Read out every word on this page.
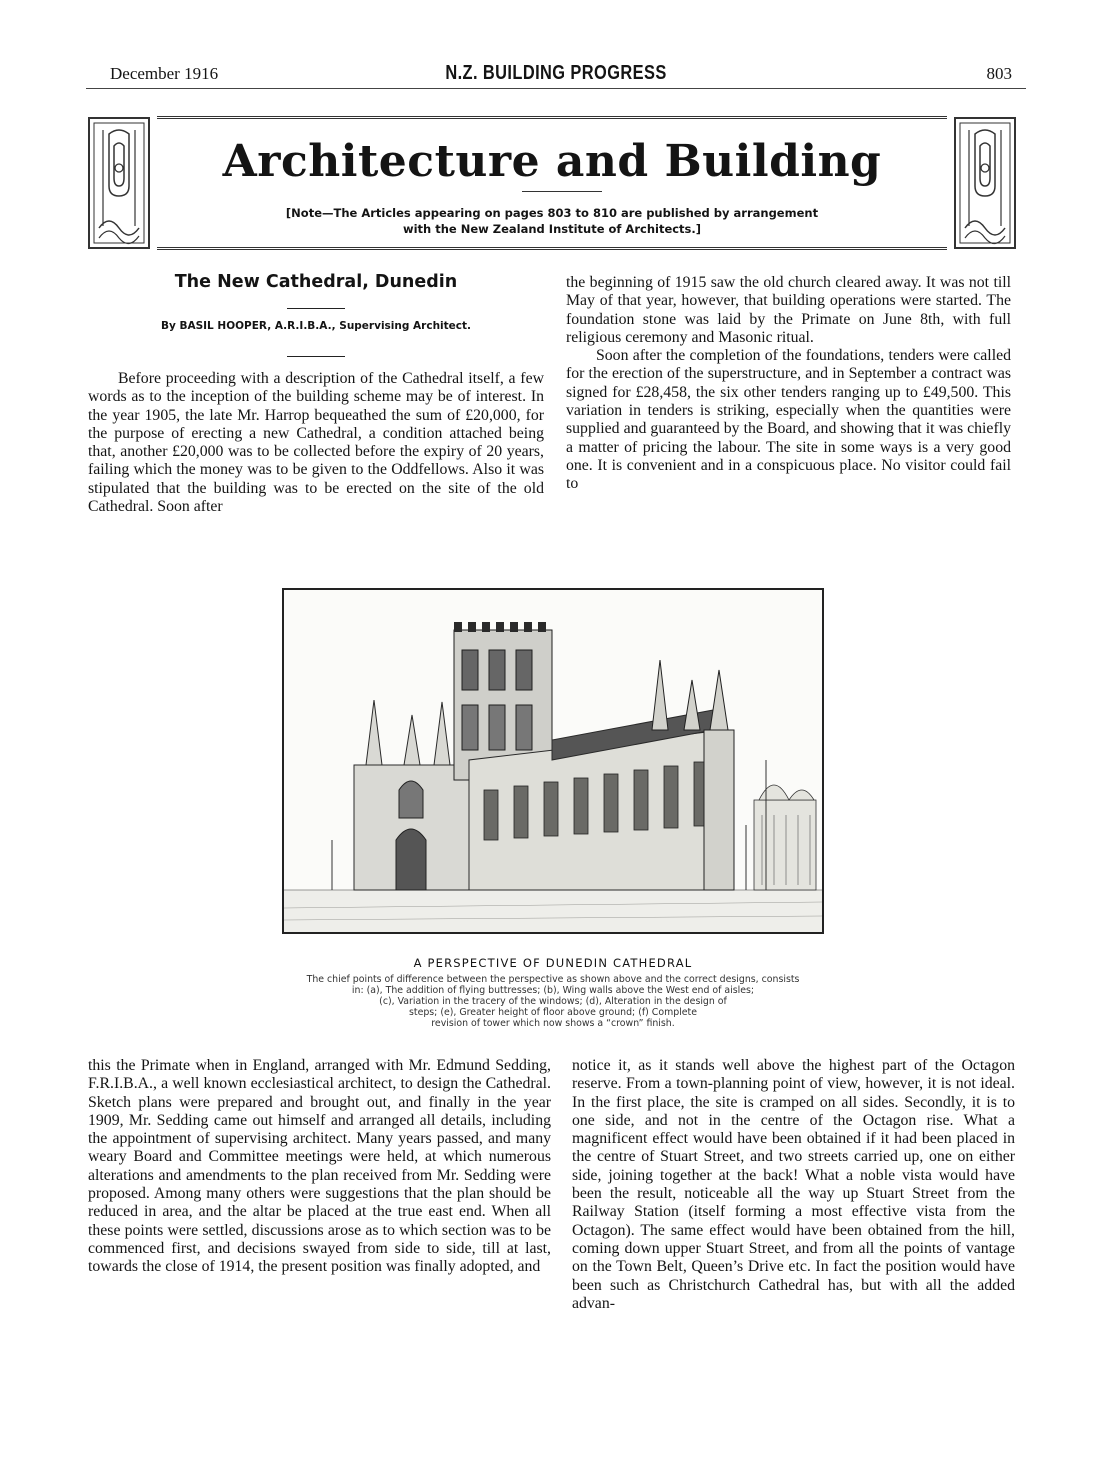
December 1916	N.Z. BUILDING PROGRESS	803
Architecture and Building
[Note—The Articles appearing on pages 803 to 810 are published by arrangement
with the New Zealand Institute of Architects.]
The New Cathedral, Dunedin
By BASIL HOOPER, A.R.I.B.A., Supervising Architect.

Before proceeding with a description of the Cathedral itself, a few words as to the inception of the building scheme may be of interest. In the year 1905, the late Mr. Harrop bequeathed the sum of £20,000, for the purpose of erecting a new Cathedral, a condition attached being that, another £20,000 was to be collected before the expiry of 20 years, failing which the money was to be given to the Oddfellows. Also it was stipulated that the building was to be erected on the site of the old Cathedral. Soon after

the beginning of 1915 saw the old church cleared away. It was not till May of that year, however, that building operations were started. The foundation stone was laid by the Primate on June 8th, with full religious ceremony and Masonic ritual.

Soon after the completion of the foundations, tenders were called for the erection of the superstructure, and in September a contract was signed for £28,458, the six other tenders ranging up to £49,500. This variation in tenders is striking, especially when the quantities were supplied and guaranteed by the Board, and showing that it was chiefly a matter of pricing the labour. The site in some ways is a very good one. It is convenient and in a conspicuous place. No visitor could fail to

A PERSPECTIVE OF DUNEDIN CATHEDRAL
The chief points of difference between the perspective as shown above and the correct designs, consists
in: (a), The addition of flying buttresses; (b), Wing walls above the West end of aisles;
(c), Variation in the tracery of the windows; (d), Alteration in the design of
steps; (e), Greater height of floor above ground; (f) Complete
revision of tower which now shows a “crown” finish.

this the Primate when in England, arranged with Mr. Edmund Sedding, F.R.I.B.A., a well known ecclesiastical architect, to design the Cathedral. Sketch plans were prepared and brought out, and finally in the year 1909, Mr. Sedding came out himself and arranged all details, including the appointment of supervising architect. Many years passed, and many weary Board and Committee meetings were held, at which numerous alterations and amendments to the plan received from Mr. Sedding were proposed. Among many others were suggestions that the plan should be reduced in area, and the altar be placed at the true east end. When all these points were settled, discussions arose as to which section was to be commenced first, and decisions swayed from side to side, till at last, towards the close of 1914, the present position was finally adopted, and

notice it, as it stands well above the highest part of the Octagon reserve. From a town-planning point of view, however, it is not ideal. In the first place, the site is cramped on all sides. Secondly, it is to one side, and not in the centre of the Octagon rise. What a magnificent effect would have been obtained if it had been placed in the centre of Stuart Street, and two streets carried up, one on either side, joining together at the back! What a noble vista would have been the result, noticeable all the way up Stuart Street from the Railway Station (itself forming a most effective vista from the Octagon). The same effect would have been obtained from the hill, coming down upper Stuart Street, and from all the points of vantage on the Town Belt, Queen’s Drive etc. In fact the position would have been such as Christchurch Cathedral has, but with all the added advan-
